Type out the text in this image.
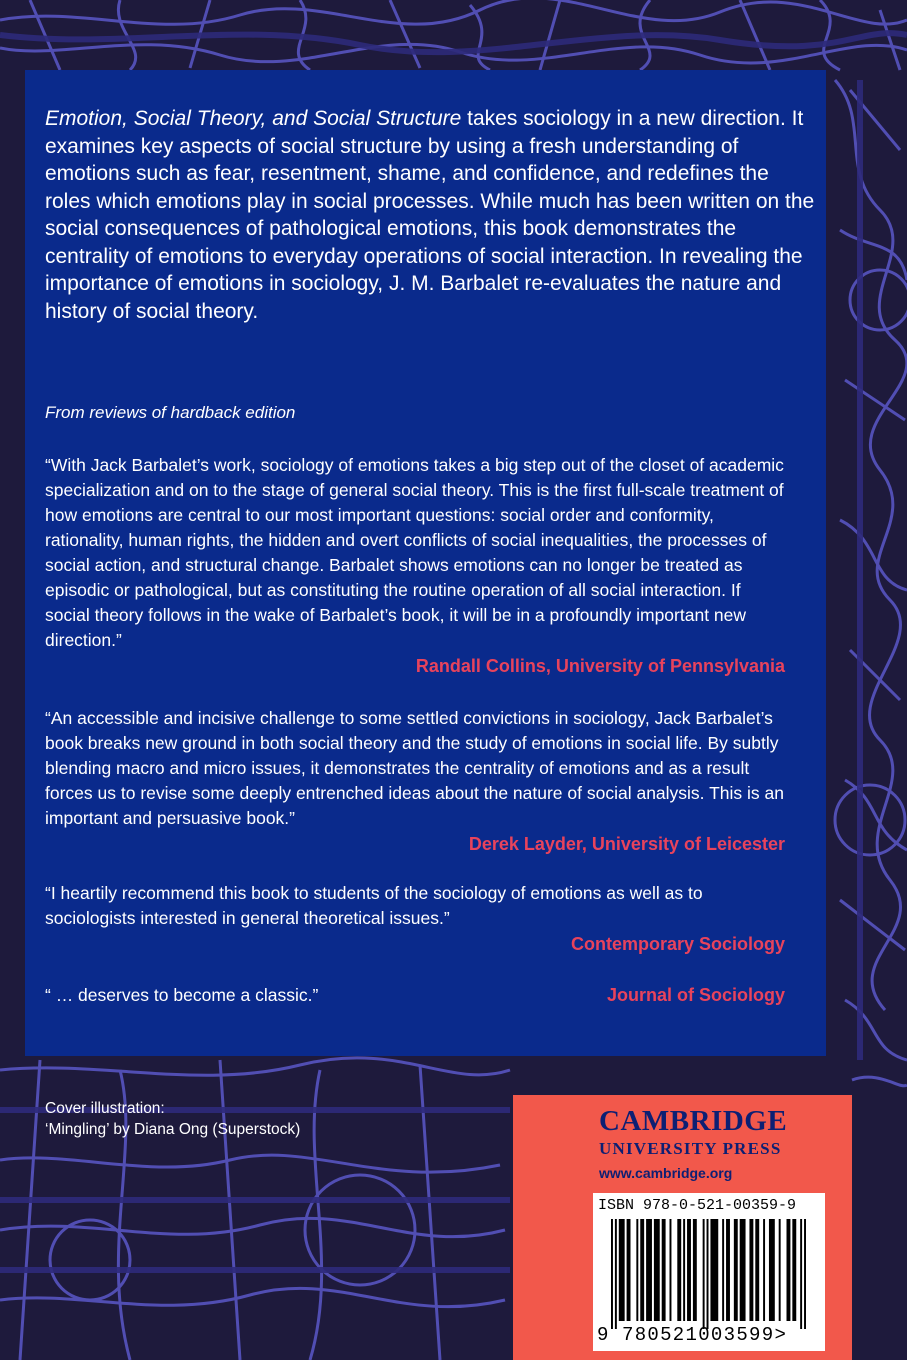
Emotion, Social Theory, and Social Structure takes sociology in a new direction. It examines key aspects of social structure by using a fresh understanding of emotions such as fear, resentment, shame, and confidence, and redefines the roles which emotions play in social processes. While much has been written on the social consequences of pathological emotions, this book demonstrates the centrality of emotions to everyday operations of social interaction. In revealing the importance of emotions in sociology, J. M. Barbalet re-evaluates the nature and history of social theory.

From reviews of hardback edition

“With Jack Barbalet’s work, sociology of emotions takes a big step out of the closet of academic specialization and on to the stage of general social theory. This is the first full-scale treatment of how emotions are central to our most important questions: social order and conformity, rationality, human rights, the hidden and overt conflicts of social inequalities, the processes of social action, and structural change. Barbalet shows emotions can no longer be treated as episodic or pathological, but as constituting the routine operation of all social interaction. If social theory follows in the wake of Barbalet’s book, it will be in a profoundly important new direction.”

Randall Collins, University of Pennsylvania

“An accessible and incisive challenge to some settled convictions in sociology, Jack Barbalet’s book breaks new ground in both social theory and the study of emotions in social life. By subtly blending macro and micro issues, it demonstrates the centrality of emotions and as a result forces us to revise some deeply entrenched ideas about the nature of social analysis. This is an important and persuasive book.”

Derek Layder, University of Leicester

“I heartily recommend this book to students of the sociology of emotions as well as to sociologists interested in general theoretical issues.”

Contemporary Sociology

“ … deserves to become a classic.”	Journal of Sociology

Cover illustration:
‘Mingling’ by Diana Ong (Superstock)	CAMBRIDGE

UNIVERSITY PRESS

www.cambridge.org

ISBN 978-0-521-00359-9

9 780521003599>
